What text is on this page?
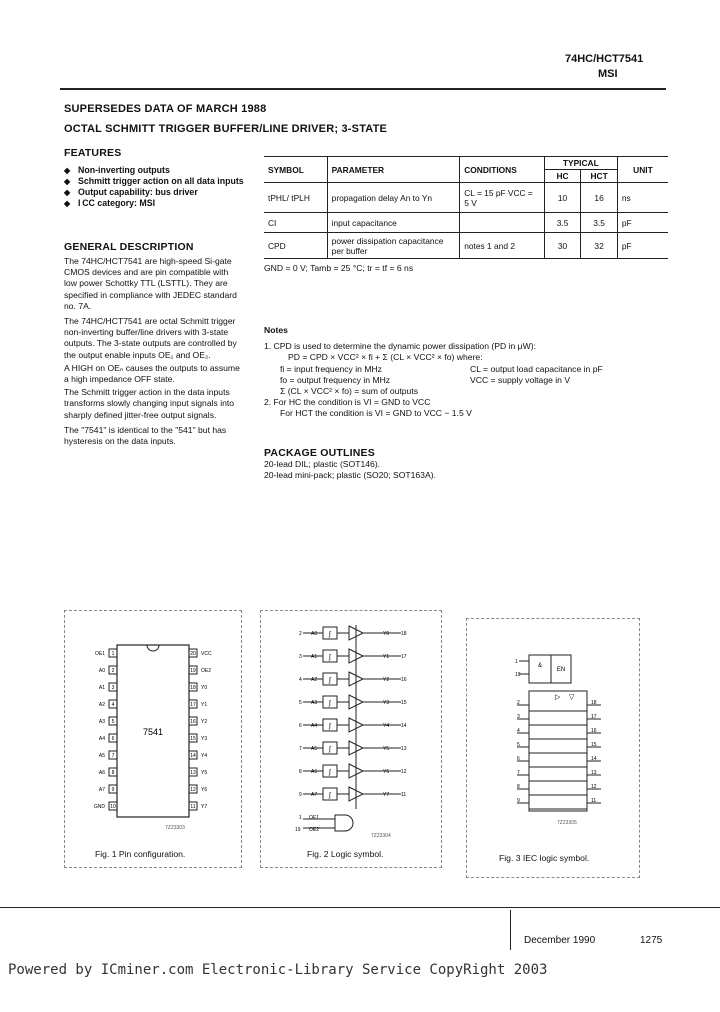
74HC/HCT7541
MSI
SUPERSEDES DATA OF MARCH 1988
OCTAL SCHMITT TRIGGER BUFFER/LINE DRIVER; 3-STATE
FEATURES
◆ Non-inverting outputs
◆ Schmitt trigger action on all data inputs
◆ Output capability: bus driver
◆ I CC category: MSI
GENERAL DESCRIPTION
The 74HC/HCT7541 are high-speed Si-gate CMOS devices and are pin compatible with low power Schottky TTL (LSTTL). They are specified in compliance with JEDEC standard no. 7A.
The 74HC/HCT7541 are octal Schmitt trigger non-inverting buffer/line drivers with 3-state outputs. The 3-state outputs are controlled by the output enable inputs OE₁ and OE₂.
A HIGH on OEₙ causes the outputs to assume a high impedance OFF state.
The Schmitt trigger action in the data inputs transforms slowly changing input signals into sharply defined jitter-free output signals.
The "7541" is identical to the "541" but has hysteresis on the data inputs.
SYMBOL	PARAMETER	CONDITIONS	TYPICAL		UNIT
			HC	HCT	
tPHL/ tPLH	propagation delay An to Yn	CL = 15 pF VCC = 5 V	10	16	ns
CI	input capacitance		3.5	3.5	pF
CPD	power dissipation capacitance per buffer	notes 1 and 2	30	32	pF
GND = 0 V; Tamb = 25 °C; tr = tf = 6 ns
Notes
1. CPD is used to determine the dynamic power dissipation (PD in μW):
PD = CPD × VCC² × fi + Σ (CL × VCC² × fo) where:
fi = input frequency in MHz
fo = output frequency in MHz
Σ (CL × VCC² × fo) = sum of outputs
CL = output load capacitance in pF
VCC = supply voltage in V
2. For HC the condition is VI = GND to VCC
For HCT the condition is VI = GND to VCC − 1.5 V
PACKAGE OUTLINES
20-lead DIL; plastic (SOT146).
20-lead mini-pack; plastic (SO20; SOT163A).
7541
7Z23303
1
OE1
2
A0
3
A1
4
A2
5
A3
6
A4
7
A5
8
A6
9
A7
10
GND
20 VCC
19 OE2
18 Y0
17 Y1
16 Y2
15 Y3
14 Y4
13 Y5
12 Y6
11 Y7
Fig. 1 Pin configuration.
7Z23304
2 A0 ∫	Y0 18
3 A1 ∫	Y1 17
4 A2 ∫	Y2 16
5 A3 ∫	Y3 15
6 A4 ∫	Y4 14
7 A5 ∫	Y5 13
8 A6 ∫	Y6 12
9 A7 ∫	Y7 11
1 OE1
19 OE2
Fig. 2 Logic symbol.
&
EN
▷ ▽
7Z23305
1
19
2	18
3	17
4	16
5	15
6	14
7	13
8	12
9	11
Fig. 3 IEC logic symbol.
December 1990	1275
Powered by ICminer.com Electronic-Library Service CopyRight 2003
